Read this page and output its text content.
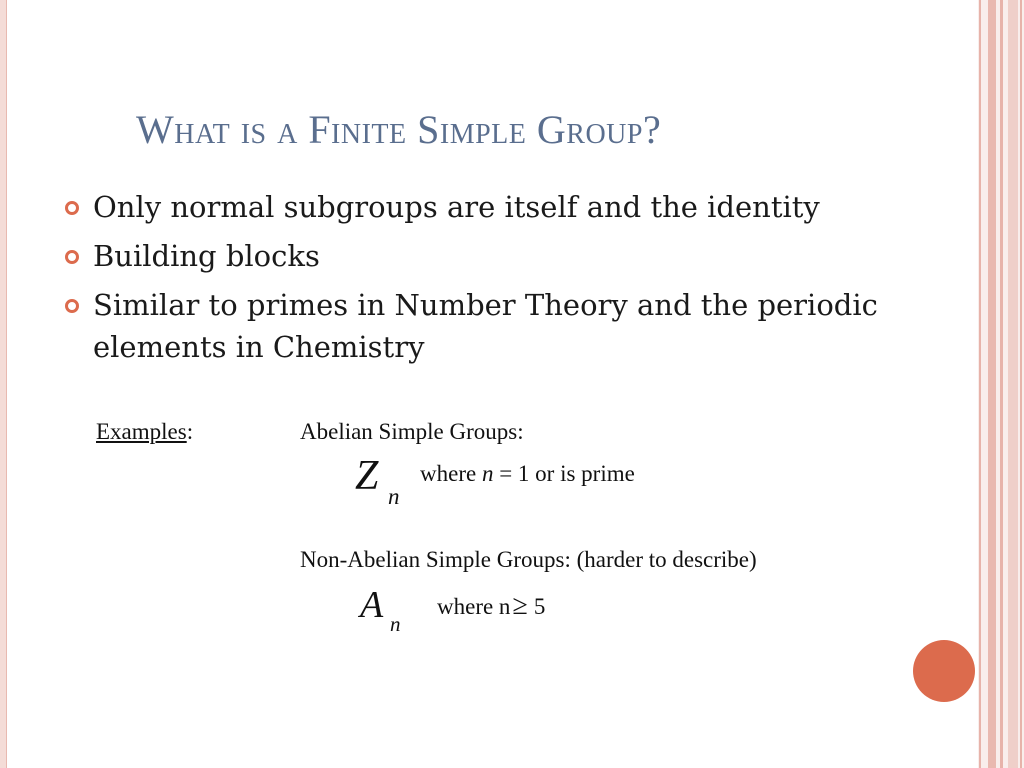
What is a Finite Simple Group?
Only normal subgroups are itself and the identity
Building blocks
Similar to primes in Number Theory and the periodic elements in Chemistry
Examples:	Abelian Simple Groups:
Z n
where n = 1 or is prime
Non-Abelian Simple Groups: (harder to describe)
A n
where n≥ 5
